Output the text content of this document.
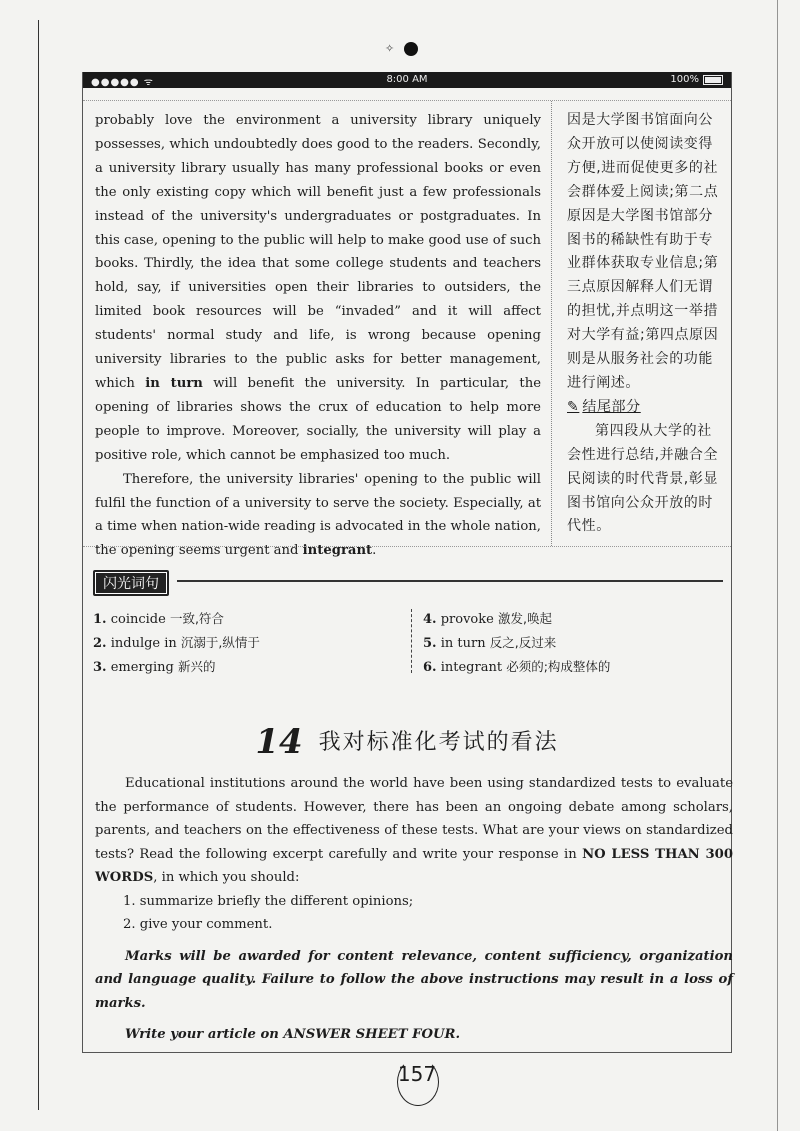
✧
●●●●● ᯤ	8:00 AM	100%

probably love the environment a university library uniquely possesses, which undoubtedly does good to the readers. Secondly, a university library usually has many professional books or even the only existing copy which will benefit just a few professionals instead of the university's undergraduates or postgraduates. In this case, opening to the public will help to make good use of such books. Thirdly, the idea that some college students and teachers hold, say, if universities open their libraries to outsiders, the limited book resources will be “invaded” and it will affect students' normal study and life, is wrong because opening university libraries to the public asks for better management, which in turn will benefit the university. In particular, the opening of libraries shows the crux of education to help more people to improve. Moreover, socially, the university will play a positive role, which cannot be emphasized too much.

Therefore, the university libraries' opening to the public will fulfil the function of a university to serve the society. Especially, at a time when nation-wide reading is advocated in the whole nation, the opening seems urgent and integrant.

因是大学图书馆面向公众开放可以使阅读变得方便,进而促使更多的社会群体爱上阅读;第二点原因是大学图书馆部分图书的稀缺性有助于专业群体获取专业信息;第三点原因解释人们无谓的担忧,并点明这一举措对大学有益;第四点原因则是从服务社会的功能进行阐述。

✎ 结尾部分

第四段从大学的社会性进行总结,并融合全民阅读的时代背景,彰显图书馆向公众开放的时代性。

闪光词句
1. coincide 一致,符合
2. indulge in 沉溺于,纵情于
3. emerging 新兴的
4. provoke 激发,唤起
5. in turn 反之,反过来
6. integrant 必须的;构成整体的
14 我对标准化考试的看法

Educational institutions around the world have been using standardized tests to evaluate the performance of students. However, there has been an ongoing debate among scholars, parents, and teachers on the effectiveness of these tests. What are your views on standardized tests? Read the following excerpt carefully and write your response in NO LESS THAN 300 WORDS, in which you should:

1. summarize briefly the different opinions;

2. give your comment.

Marks will be awarded for content relevance, content sufficiency, organization and language quality. Failure to follow the above instructions may result in a loss of marks.

Write your article on ANSWER SHEET FOUR.

157
